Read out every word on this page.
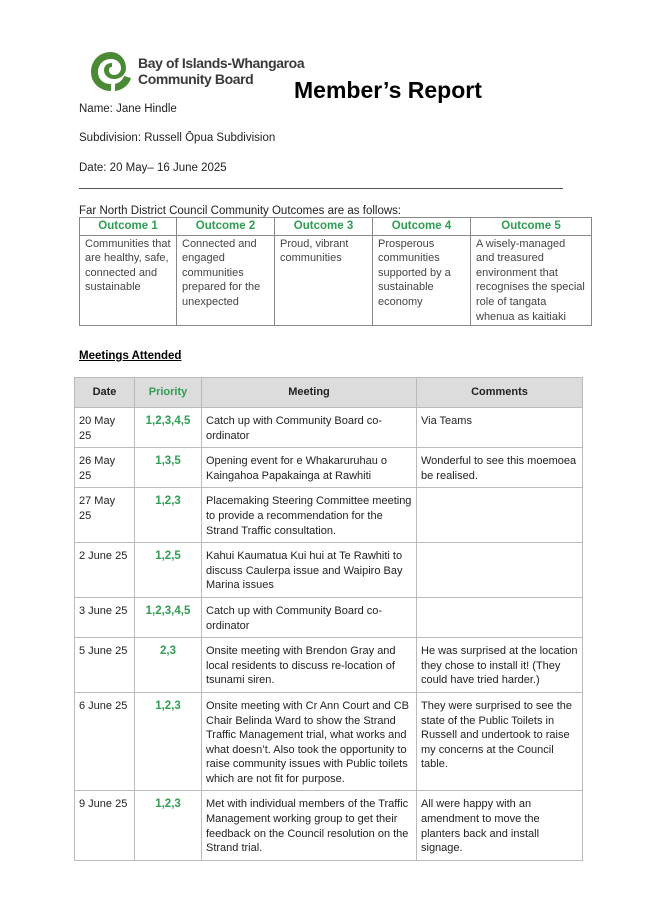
Bay of Islands-Whangaroa
Community Board	Member’s Report
Name: Jane Hindle
Subdivision: Russell Ōpua Subdivision
Date: 20 May– 16 June 2025
Far North District Council Community Outcomes are as follows:
Outcome 1	Outcome 2	Outcome 3	Outcome 4	Outcome 5
Communities that are healthy, safe, connected and sustainable	Connected and engaged communities prepared for the unexpected	Proud, vibrant communities	Prosperous communities supported by a sustainable economy	A wisely-managed and treasured environment that recognises the special role of tangata whenua as kaitiaki
Meetings Attended
Date	Priority	Meeting	Comments
20 May 25	1,2,3,4,5	Catch up with Community Board co-ordinator	Via Teams
26 May 25	1,3,5	Opening event for e Whakaruruhau o Kaingahoa Papakainga at Rawhiti	Wonderful to see this moemoea be realised.
27 May 25	1,2,3	Placemaking Steering Committee meeting to provide a recommendation for the Strand Traffic consultation.	
2 June 25	1,2,5	Kahui Kaumatua Kui hui at Te Rawhiti to discuss Caulerpa issue and Waipiro Bay Marina issues	
3 June 25	1,2,3,4,5	Catch up with Community Board co-ordinator	
5 June 25	2,3	Onsite meeting with Brendon Gray and local residents to discuss re-location of tsunami siren.	He was surprised at the location they chose to install it! (They could have tried harder.)
6 June 25	1,2,3	Onsite meeting with Cr Ann Court and CB Chair Belinda Ward to show the Strand Traffic Management trial, what works and what doesn’t. Also took the opportunity to raise community issues with Public toilets which are not fit for purpose.	They were surprised to see the state of the Public Toilets in Russell and undertook to raise my concerns at the Council table.
9 June 25	1,2,3	Met with individual members of the Traffic Management working group to get their feedback on the Council resolution on the Strand trial.	All were happy with an amendment to move the planters back and install signage.
